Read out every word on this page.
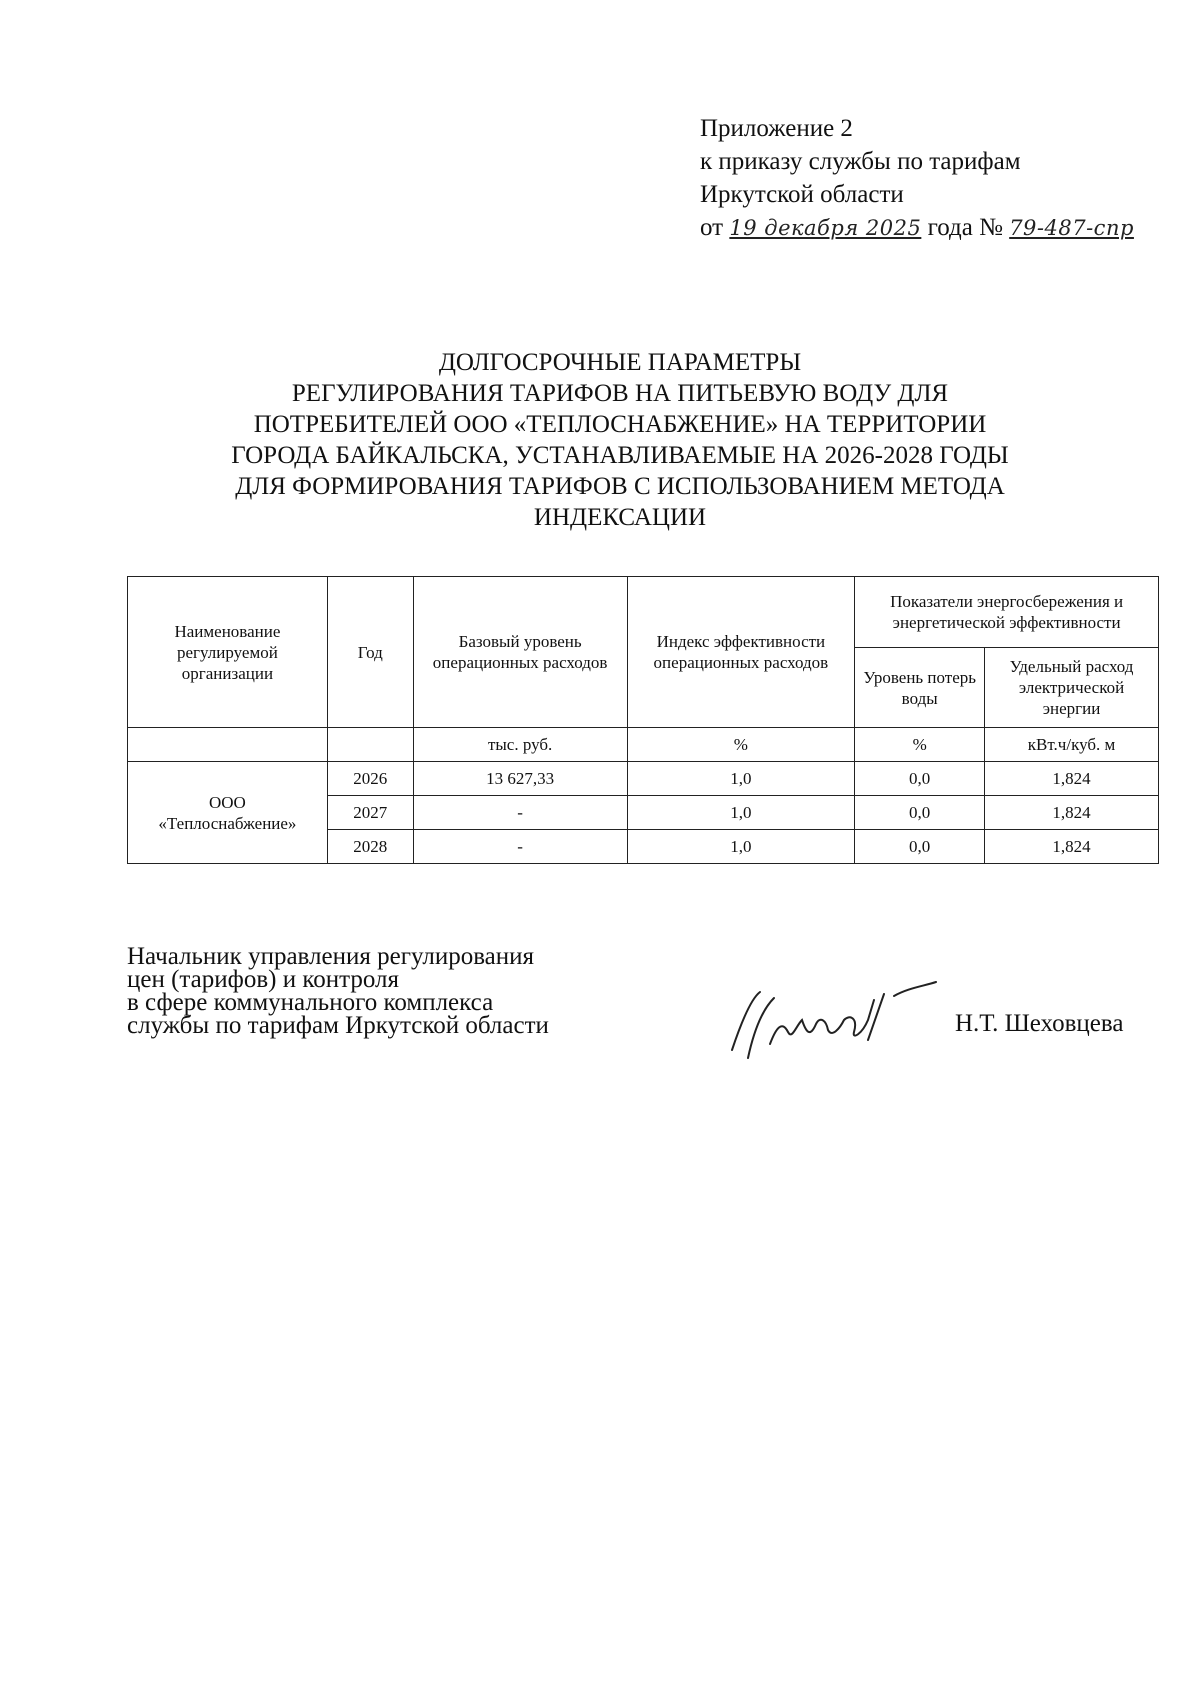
Приложение 2
к приказу службы по тарифам
Иркутской области
от 19 декабря 2025 года № 79-487-спр
ДОЛГОСРОЧНЫЕ ПАРАМЕТРЫ
РЕГУЛИРОВАНИЯ ТАРИФОВ НА ПИТЬЕВУЮ ВОДУ ДЛЯ
ПОТРЕБИТЕЛЕЙ ООО «ТЕПЛОСНАБЖЕНИЕ» НА ТЕРРИТОРИИ
ГОРОДА БАЙКАЛЬСКА, УСТАНАВЛИВАЕМЫЕ НА 2026-2028 ГОДЫ
ДЛЯ ФОРМИРОВАНИЯ ТАРИФОВ С ИСПОЛЬЗОВАНИЕМ МЕТОДА
ИНДЕКСАЦИИ
Наименование регулируемой организации	Год	Базовый уровень операционных расходов	Индекс эффективности операционных расходов	Показатели энергосбережения и энергетической эффективности	
				Уровень потерь воды	Удельный расход электрической энергии
		тыс. руб.	%	%	кВт.ч/куб. м

ООО
«Теплоснабжение»	2026	13 627,33	1,0	0,0	1,824
	2027	-	1,0	0,0	1,824
	2028	-	1,0	0,0	1,824
Начальник управления регулирования
цен (тарифов) и контроля
в сфере коммунального комплекса
службы по тарифам Иркутской области	Н.Т. Шеховцева
